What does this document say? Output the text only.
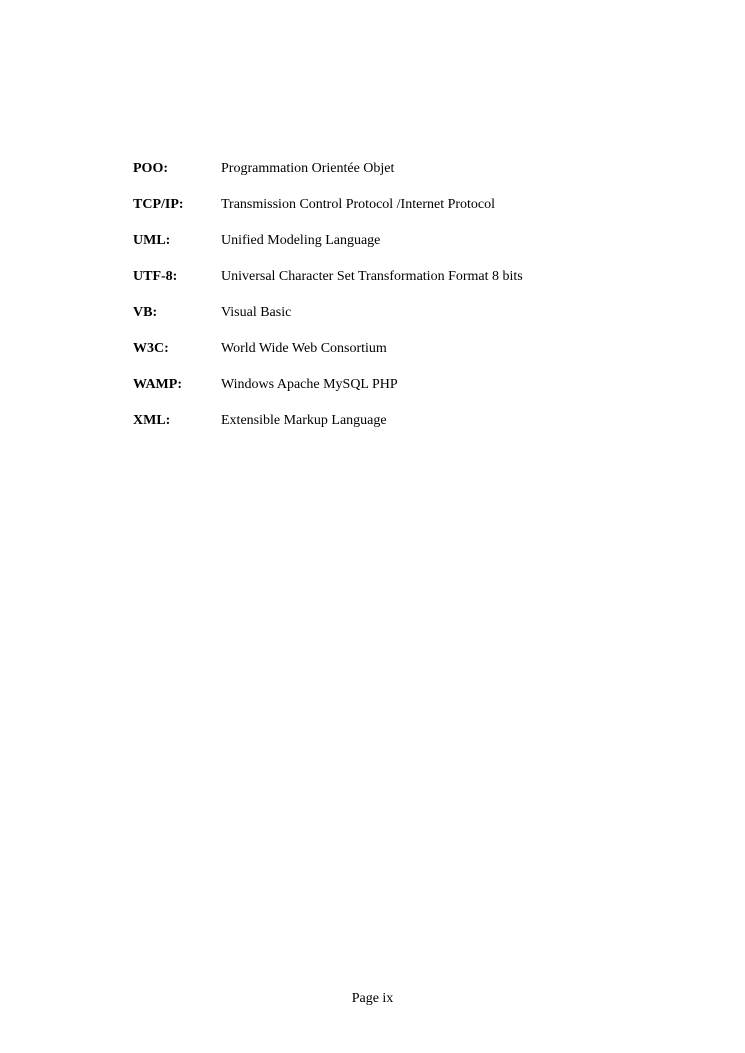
POO:	Programmation Orientée Objet
TCP/IP:	Transmission Control Protocol /Internet Protocol
UML:	Unified Modeling Language
UTF-8:	Universal Character Set Transformation Format 8 bits
VB:	Visual Basic
W3C:	World Wide Web Consortium
WAMP:	Windows Apache MySQL PHP
XML:	Extensible Markup Language
Page ix
